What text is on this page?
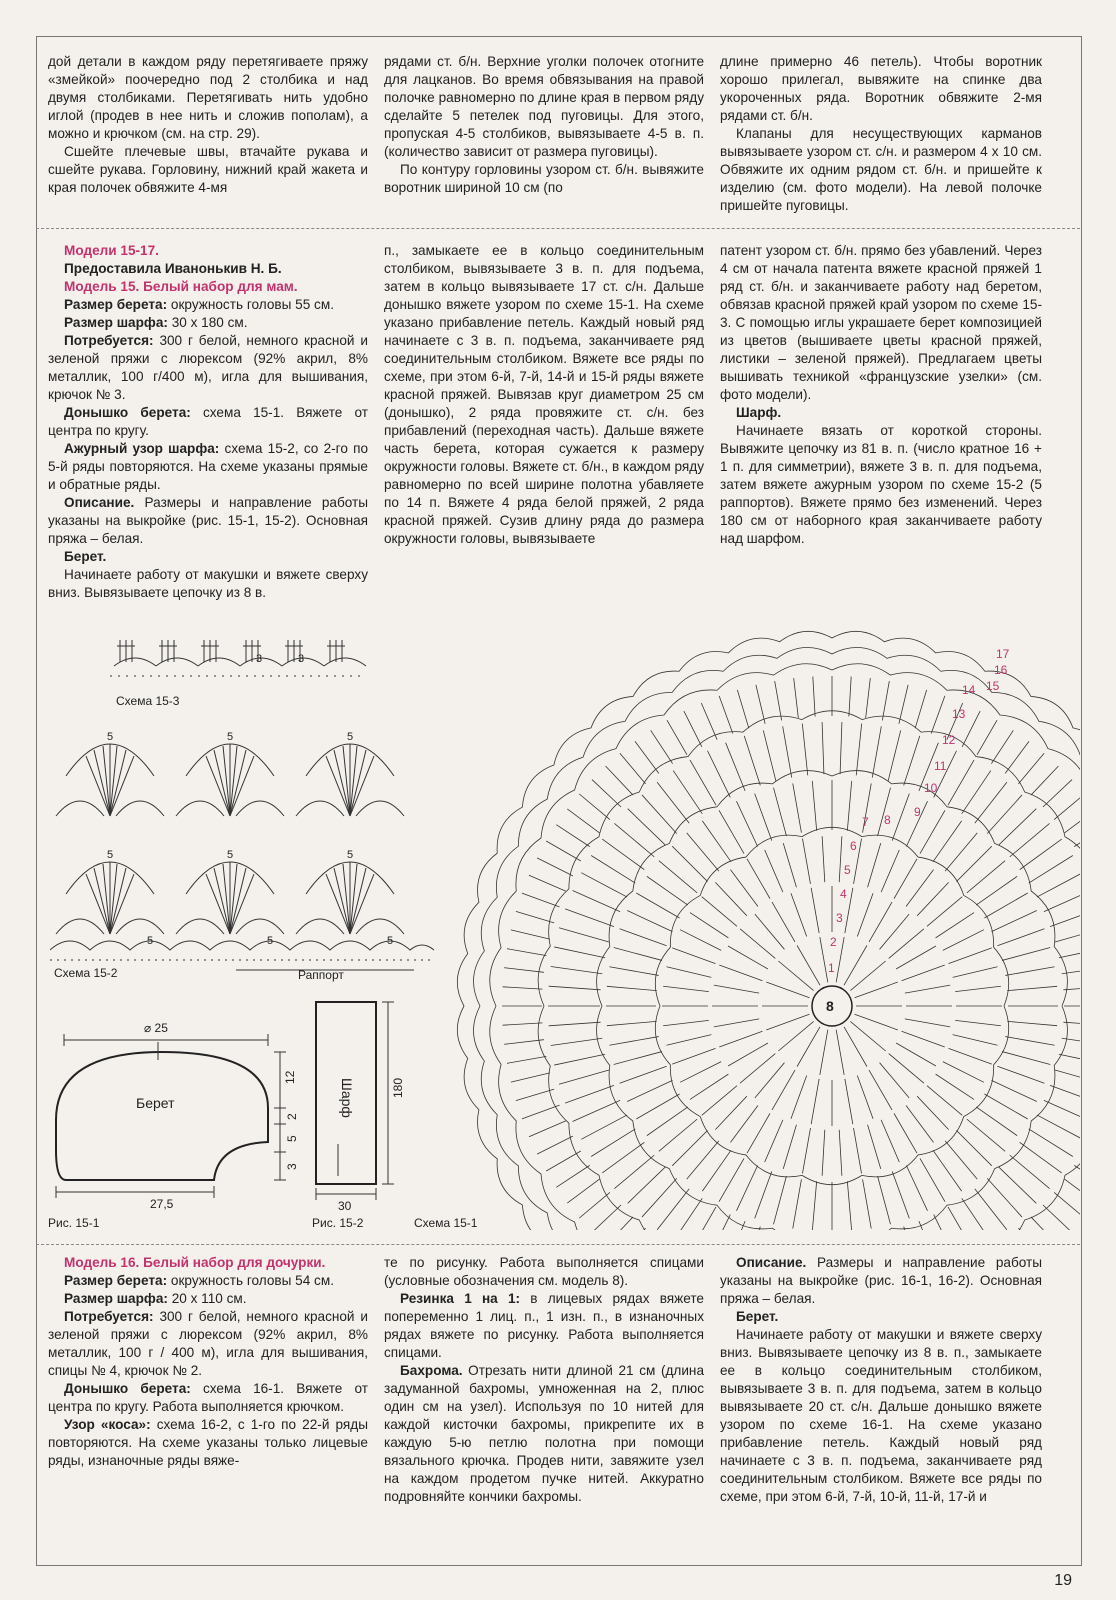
дой детали в каждом ряду перетягиваете пряжу «змейкой» поочередно под 2 столбика и над двумя столбиками. Перетягивать нить удобно иглой (продев в нее нить и сложив пополам), а можно и крючком (см. на стр. 29).

Сшейте плечевые швы, втачайте рукава и сшейте рукава. Горловину, нижний край жакета и края полочек обвяжите 4-мя

рядами ст. б/н. Верхние уголки полочек отогните для лацканов. Во время обвязывания на правой полочке равномерно по длине края в первом ряду сделайте 5 петелек под пуговицы. Для этого, пропуская 4-5 столбиков, вывязываете 4-5 в. п. (количество зависит от размера пуговицы).

По контуру горловины узором ст. б/н. вывяжите воротник шириной 10 см (по

длине примерно 46 петель). Чтобы воротник хорошо прилегал, вывяжите на спинке два укороченных ряда. Воротник обвяжите 2-мя рядами ст. б/н.

Клапаны для несуществующих карманов вывязываете узором ст. с/н. и размером 4 х 10 см. Обвяжите их одним рядом ст. б/н. и пришейте к изделию (см. фото модели). На левой полочке пришейте пуговицы.

Модели 15-17.
Предоставила Иванонькив Н. Б.
Модель 15. Белый набор для мам.

Размер берета: окружность головы 55 см.

Размер шарфа: 30 х 180 см.

Потребуется: 300 г белой, немного красной и зеленой пряжи с люрексом (92% акрил, 8% металлик, 100 г/400 м), игла для вышивания, крючок № 3.

Донышко берета: схема 15-1. Вяжете от центра по кругу.

Ажурный узор шарфа: схема 15-2, со 2-го по 5-й ряды повторяются. На схеме указаны прямые и обратные ряды.

Описание. Размеры и направление работы указаны на выкройке (рис. 15-1, 15-2). Основная пряжа – белая.

Берет.

Начинаете работу от макушки и вяжете сверху вниз. Вывязываете цепочку из 8 в.

п., замыкаете ее в кольцо соединительным столбиком, вывязываете 3 в. п. для подъема, затем в кольцо вывязываете 17 ст. с/н. Дальше донышко вяжете узором по схеме 15-1. На схеме указано прибавление петель. Каждый новый ряд начинаете с 3 в. п. подъема, заканчиваете ряд соединительным столбиком. Вяжете все ряды по схеме, при этом 6-й, 7-й, 14-й и 15-й ряды вяжете красной пряжей. Вывязав круг диаметром 25 см (донышко), 2 ряда провяжите ст. с/н. без прибавлений (переходная часть). Дальше вяжете часть берета, которая сужается к размеру окружности головы. Вяжете ст. б/н., в каждом ряду равномерно по всей ширине полотна убавляете по 14 п. Вяжете 4 ряда белой пряжей, 2 ряда красной пряжей. Сузив длину ряда до размера окружности головы, вывязываете

патент узором ст. б/н. прямо без убавлений. Через 4 см от начала патента вяжете красной пряжей 1 ряд ст. б/н. и заканчиваете работу над беретом, обвязав красной пряжей край узором по схеме 15-3. С помощью иглы украшаете берет композицией из цветов (вышиваете цветы красной пряжей, листики – зеленой пряжей). Предлагаем цветы вышивать техникой «французские узелки» (см. фото модели).

Шарф.

Начинаете вязать от короткой стороны. Вывяжите цепочку из 81 в. п. (число кратное 16 + 1 п. для симметрии), вяжете 3 в. п. для подъема, затем вяжете ажурным узором по схеме 15-2 (5 раппортов). Вяжете прямо без изменений. Через 180 см от наборного края заканчиваете работу над шарфом.

3	3
Схема 15-3
5	5	5
5	5	5
5	5	5
Схема 15-2	Раппорт
⌀ 25
Берет
12
2
5
3
27,5
Рис. 15-1
Шарф	180
30
Рис. 15-2
8
1
2
3
4
5
6
7 8
9
10
11
12
13
14 15
16
17
Схема 15-1
Модель 16. Белый набор для дочурки.

Размер берета: окружность головы 54 см.

Размер шарфа: 20 х 110 см.

Потребуется: 300 г белой, немного красной и зеленой пряжи с люрексом (92% акрил, 8% металлик, 100 г / 400 м), игла для вышивания, спицы № 4, крючок № 2.

Донышко берета: схема 16-1. Вяжете от центра по кругу. Работа выполняется крючком.

Узор «коса»: схема 16-2, с 1-го по 22-й ряды повторяются. На схеме указаны только лицевые ряды, изнаночные ряды вяже-

те по рисунку. Работа выполняется спицами (условные обозначения см. модель 8).

Резинка 1 на 1: в лицевых рядах вяжете попеременно 1 лиц. п., 1 изн. п., в изнаночных рядах вяжете по рисунку. Работа выполняется спицами.

Бахрома. Отрезать нити длиной 21 см (длина задуманной бахромы, умноженная на 2, плюс один см на узел). Используя по 10 нитей для каждой кисточки бахромы, прикрепите их в каждую 5-ю петлю полотна при помощи вязального крючка. Продев нити, завяжите узел на каждом продетом пучке нитей. Аккуратно подровняйте кончики бахромы.

Описание. Размеры и направление работы указаны на выкройке (рис. 16-1, 16-2). Основная пряжа – белая.

Берет.

Начинаете работу от макушки и вяжете сверху вниз. Вывязываете цепочку из 8 в. п., замыкаете ее в кольцо соединительным столбиком, вывязываете 3 в. п. для подъема, затем в кольцо вывязываете 20 ст. с/н. Дальше донышко вяжете узором по схеме 16-1. На схеме указано прибавление петель. Каждый новый ряд начинаете с 3 в. п. подъема, заканчиваете ряд соединительным столбиком. Вяжете все ряды по схеме, при этом 6-й, 7-й, 10-й, 11-й, 17-й и

19
